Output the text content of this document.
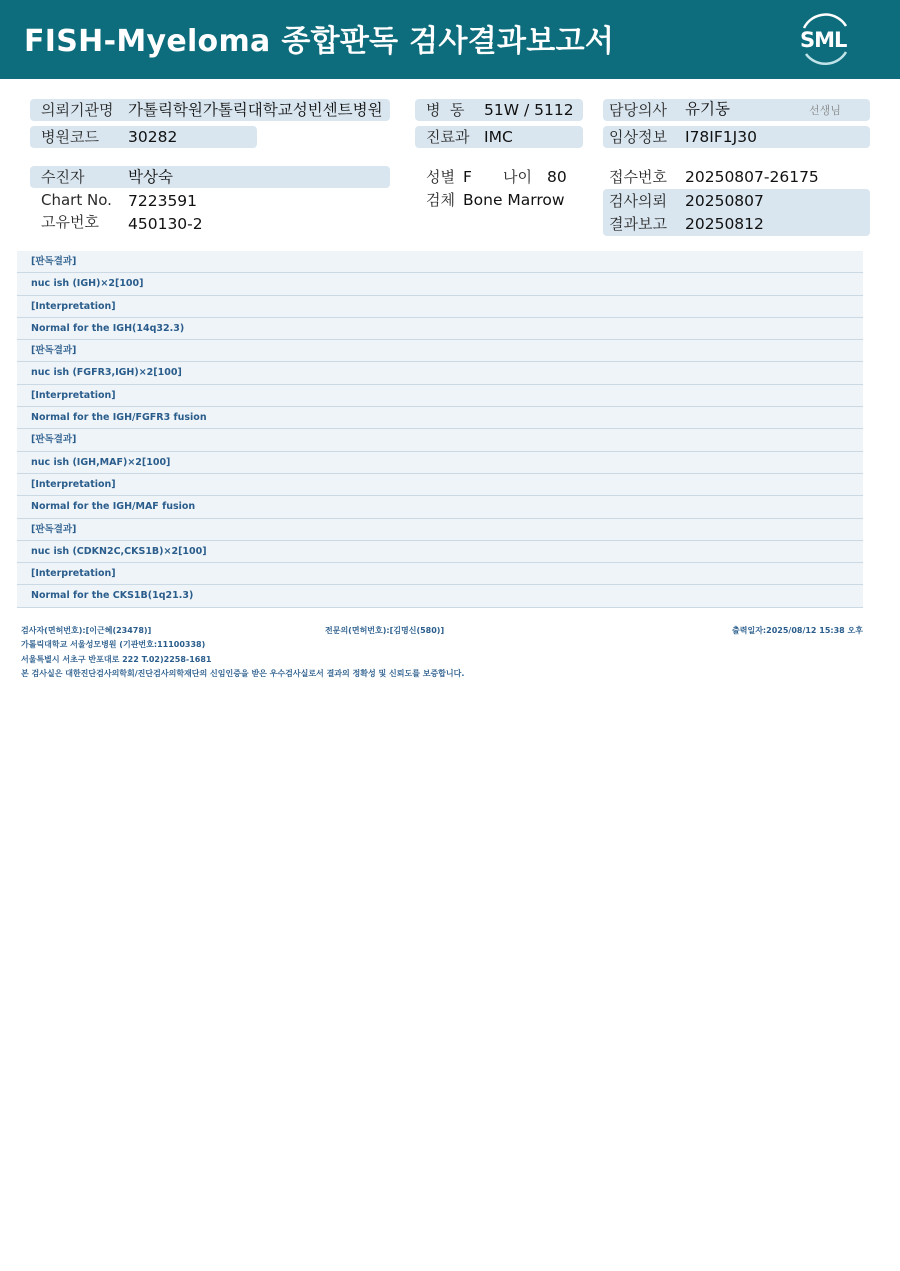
FISH-Myeloma 종합판독 검사결과보고서	SML
의뢰기관명 가톨릭학원가톨릭대학교성빈센트병원
병원코드 30282
수진자	박상숙
Chart No. 7223591
고유번호 450130-2
병  동 51W / 5112
진료과 IMC
성별 F 나이 80
검체 Bone Marrow
담당의사 유기동	선생님
임상정보 I78IF1J30
접수번호 20250807-26175
검사의뢰 20250807
결과보고 20250812
[판독결과]
nuc ish (IGH)×2[100]
[Interpretation]
Normal for the IGH(14q32.3)
[판독결과]
nuc ish (FGFR3,IGH)×2[100]
[Interpretation]
Normal for the IGH/FGFR3 fusion
[판독결과]
nuc ish (IGH,MAF)×2[100]
[Interpretation]
Normal for the IGH/MAF fusion
[판독결과]
nuc ish (CDKN2C,CKS1B)×2[100]
[Interpretation]
Normal for the CKS1B(1q21.3)
검사자(면허번호):[이근혜(23478)]	전문의(면허번호):[김명신(580)]	출력일자:2025/08/12 15:38 오후
가톨릭대학교 서울성모병원 (기관번호:11100338)
서울특별시 서초구 반포대로 222 T.02)2258-1681
본 검사실은 대한진단검사의학회/진단검사의학재단의 신임인증을 받은 우수검사실로서 결과의 정확성 및 신뢰도를 보증합니다.
